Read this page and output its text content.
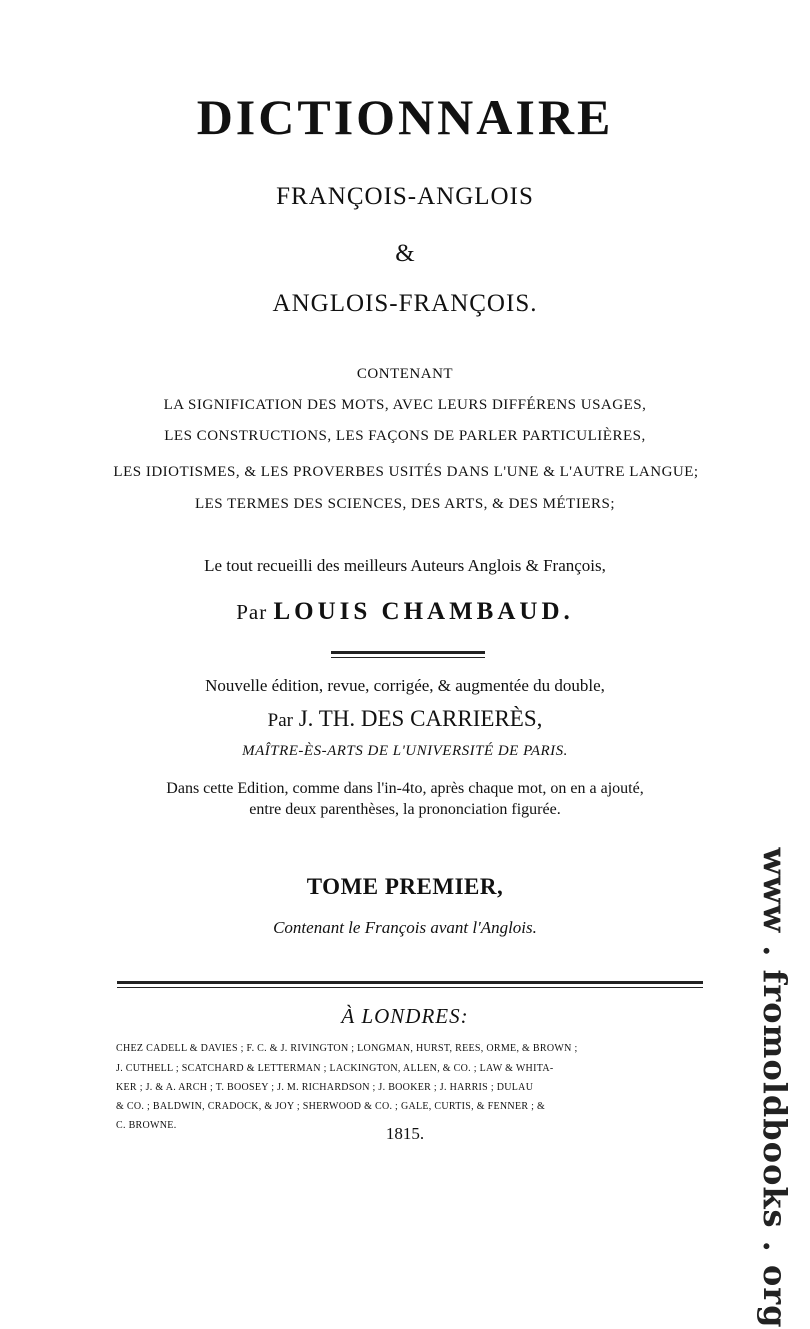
DICTIONNAIRE
FRANÇOIS-ANGLOIS
&
ANGLOIS-FRANÇOIS.
CONTENANT
LA SIGNIFICATION DES MOTS, AVEC LEURS DIFFÉRENS USAGES,
LES CONSTRUCTIONS, LES FAÇONS DE PARLER PARTICULIÈRES,
LES IDIOTISMES, & LES PROVERBES USITÉS DANS L'UNE & L'AUTRE LANGUE;
LES TERMES DES SCIENCES, DES ARTS, & DES MÉTIERS;
Le tout recueilli des meilleurs Auteurs Anglois & François,
Par LOUIS CHAMBAUD.
Nouvelle édition, revue, corrigée, & augmentée du double,
Par J. TH. DES CARRIERÈS,
MAÎTRE-ÈS-ARTS DE L'UNIVERSITÉ DE PARIS.
Dans cette Edition, comme dans l'in-4to, après chaque mot, on en a ajouté,
entre deux parenthèses, la prononciation figurée.
TOME PREMIER,
Contenant le François avant l'Anglois.
À LONDRES:
CHEZ CADELL & DAVIES ; F. C. & J. RIVINGTON ; LONGMAN, HURST, REES, ORME, & BROWN ;
J. CUTHELL ; SCATCHARD & LETTERMAN ; LACKINGTON, ALLEN, & CO. ; LAW & WHITA-
KER ; J. & A. ARCH ; T. BOOSEY ; J. M. RICHARDSON ; J. BOOKER ; J. HARRIS ; DULAU
& CO. ; BALDWIN, CRADOCK, & JOY ; SHERWOOD & CO. ; GALE, CURTIS, & FENNER ; &
C. BROWNE.	1815.	www . fromoldbooks . org
